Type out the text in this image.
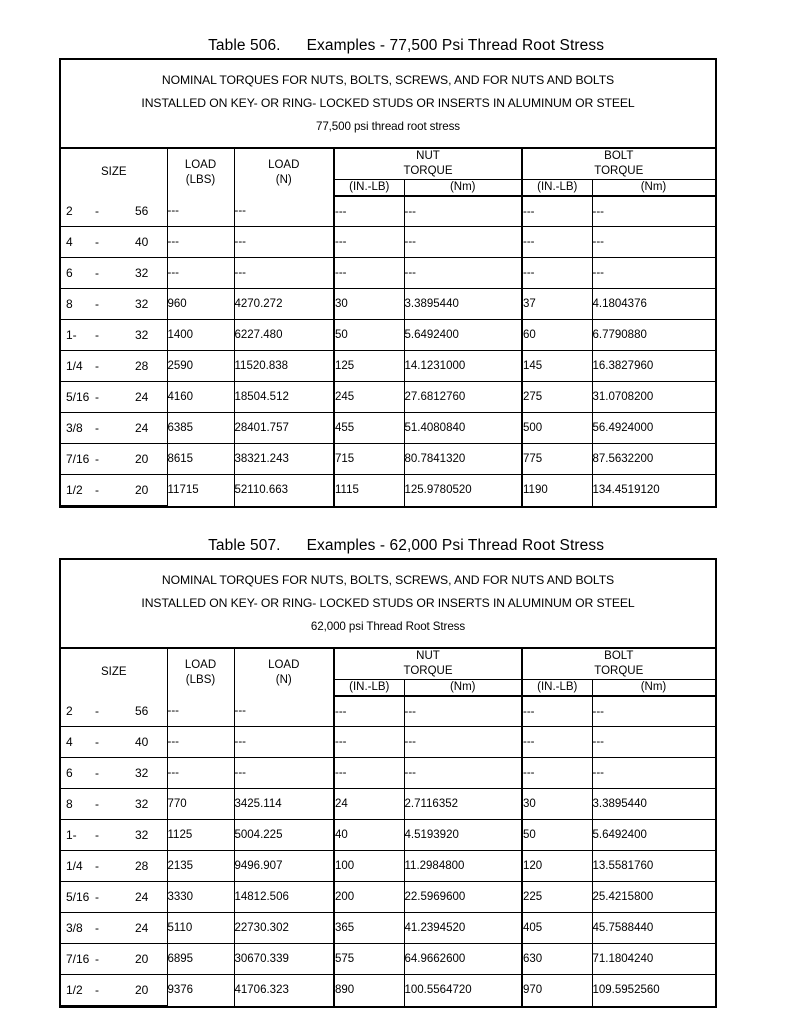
Table 506. Examples - 77,500 Psi Thread Root Stress

NOMINAL TORQUES FOR NUTS, BOLTS, SCREWS, AND FOR NUTS AND BOLTS
INSTALLED ON KEY- OR RING- LOCKED STUDS OR INSERTS IN ALUMINUM OR STEEL
77,500 psi thread root stress
SIZE	
LOAD
(LBS)

LOAD
(N)

NUT
TORQUE

BOLT
TORQUE

			(IN.-LB)	(Nm)	(IN.-LB)	(Nm)

2 - 56	---	---	---	---	---	---

4 - 40	---	---	---	---	---	---

6 - 32	---	---	---	---	---	---

8 - 32	960	4270.272	30	3.3895440	37	4.1804376

1- - 32	1400	6227.480	50	5.6492400	60	6.7790880

1/4 - 28	2590	11520.838	125	14.1231000	145	16.3827960

5/16 - 24	4160	18504.512	245	27.6812760	275	31.0708200

3/8 - 24	6385	28401.757	455	51.4080840	500	56.4924000

7/16 - 20	8615	38321.243	715	80.7841320	775	87.5632200

1/2 - 20	11715	52110.663	1115	125.9780520	1190	134.4519120

Table 507. Examples - 62,000 Psi Thread Root Stress

NOMINAL TORQUES FOR NUTS, BOLTS, SCREWS, AND FOR NUTS AND BOLTS
INSTALLED ON KEY- OR RING- LOCKED STUDS OR INSERTS IN ALUMINUM OR STEEL
62,000 psi Thread Root Stress
SIZE	
LOAD
(LBS)

LOAD
(N)

NUT
TORQUE

BOLT
TORQUE

			(IN.-LB)	(Nm)	(IN.-LB)	(Nm)

2 - 56	---	---	---	---	---	---

4 - 40	---	---	---	---	---	---

6 - 32	---	---	---	---	---	---

8 - 32	770	3425.114	24	2.7116352	30	3.3895440

1- - 32	1125	5004.225	40	4.5193920	50	5.6492400

1/4 - 28	2135	9496.907	100	11.2984800	120	13.5581760

5/16 - 24	3330	14812.506	200	22.5969600	225	25.4215800

3/8 - 24	5110	22730.302	365	41.2394520	405	45.7588440

7/16 - 20	6895	30670.339	575	64.9662600	630	71.1804240

1/2 - 20	9376	41706.323	890	100.5564720	970	109.5952560
